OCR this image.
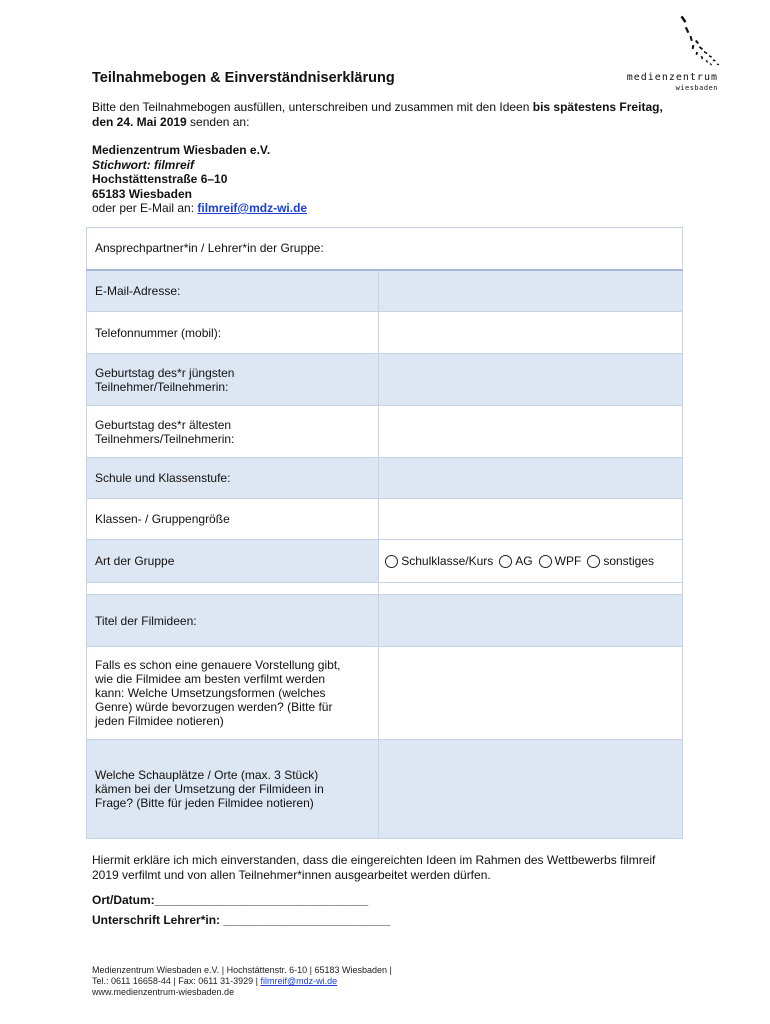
medienzentrum
wiesbaden
Teilnahmebogen & Einverständniserklärung
Bitte den Teilnahmebogen ausfüllen, unterschreiben und zusammen mit den Ideen bis spätestens Freitag, den 24. Mai 2019 senden an:
Medienzentrum Wiesbaden e.V.
Stichwort: filmreif
Hochstättenstraße 6–10
65183 Wiesbaden
oder per E-Mail an: filmreif@mdz-wi.de
Ansprechpartner*in / Lehrer*in der Gruppe:	
E-Mail-Adresse:	
Telefonnummer (mobil):	
Geburtstag des*r jüngsten
Teilnehmer/Teilnehmerin:	
Geburtstag des*r ältesten
Teilnehmers/Teilnehmerin:	
Schule und Klassenstufe:	
Klassen- / Gruppengröße	
Art der Gruppe	Schulklasse/Kurs AG WPF sonstiges

Titel der Filmideen:	
Falls es schon eine genauere Vorstellung gibt,
wie die Filmidee am besten verfilmt werden
kann: Welche Umsetzungsformen (welches
Genre) würde bevorzugen werden? (Bitte für
jeden Filmidee notieren)	
Welche Schauplätze / Orte (max. 3 Stück)
kämen bei der Umsetzung der Filmideen in
Frage? (Bitte für jeden Filmidee notieren)	
Hiermit erkläre ich mich einverstanden, dass die eingereichten Ideen im Rahmen des Wettbewerbs filmreif 2019 verfilmt und von allen Teilnehmer*innen ausgearbeitet werden dürfen.
Ort/Datum:________________________________
Unterschrift Lehrer*in: _________________________
Medienzentrum Wiesbaden e.V. | Hochstättenstr. 6-10 | 65183 Wiesbaden |
Tel.: 0611 16658-44 | Fax: 0611 31-3929 | filmreif@mdz-wi.de
www.medienzentrum-wiesbaden.de
